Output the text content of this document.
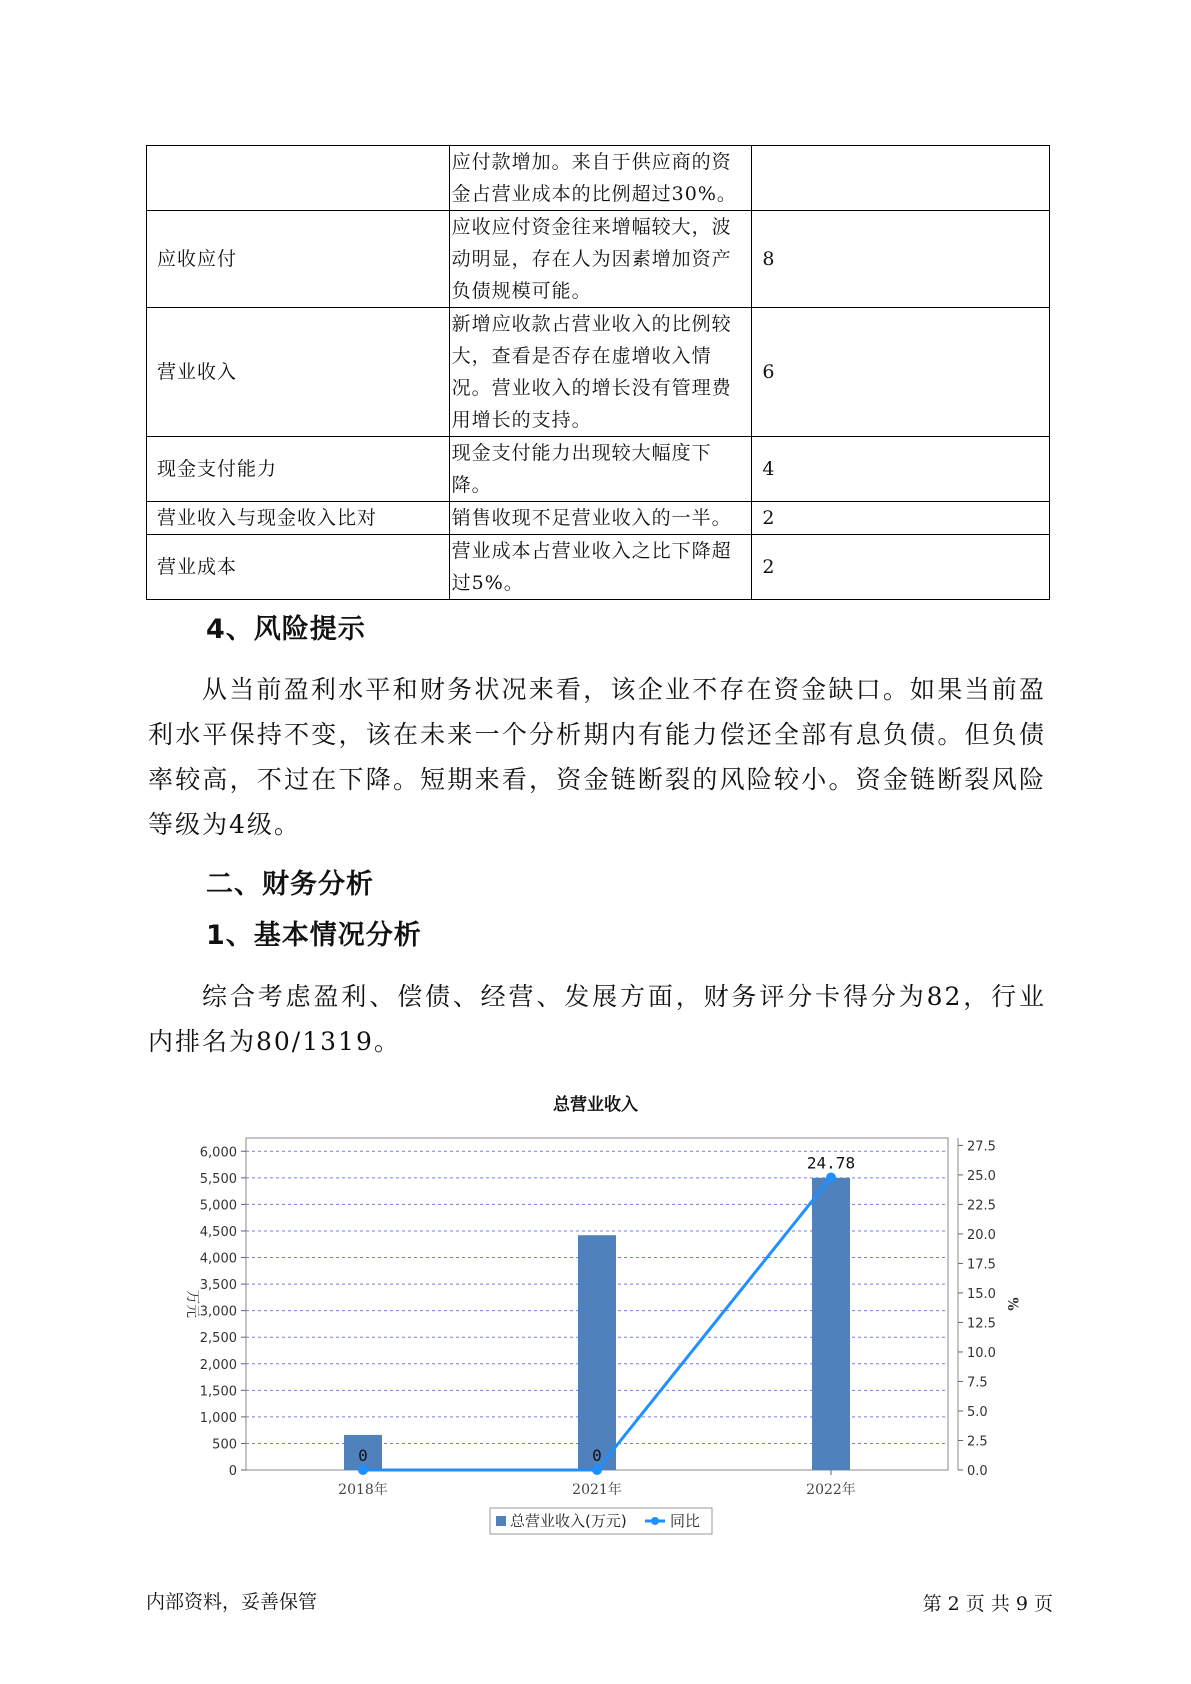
	应付款增加。来自于供应商的资金占营业成本的比例超过30%。	
应收应付	应收应付资金往来增幅较大，波动明显，存在人为因素增加资产负债规模可能。	8
营业收入	新增应收款占营业收入的比例较大，查看是否存在虚增收入情况。营业收入的增长没有管理费用增长的支持。	6
现金支付能力	现金支付能力出现较大幅度下降。	4
营业收入与现金收入比对	销售收现不足营业收入的一半。	2
营业成本	营业成本占营业收入之比下降超过5%。	2
4、风险提示
从当前盈利水平和财务状况来看，该企业不存在资金缺口。如果当前盈利水平保持不变，该在未来一个分析期内有能力偿还全部有息负债。但负债率较高，不过在下降。短期来看，资金链断裂的风险较小。资金链断裂风险等级为4级。
二、财务分析
1、基本情况分析
综合考虑盈利、偿债、经营、发展方面，财务评分卡得分为82，行业内排名为80/1319。
总营业收入
0
500
1,000
1,500
2,000
2,500
3,000
3,500
4,000
4,500
5,000
5,500
6,000
0.0
2.5
5.0
7.5
10.0
12.5
15.0
17.5
20.0
22.5
25.0
27.5
万元	%
2018年	2021年	2022年
0	0
24.78
总营业收入(万元)	同比
内部资料，妥善保管	第 2 页 共 9 页
